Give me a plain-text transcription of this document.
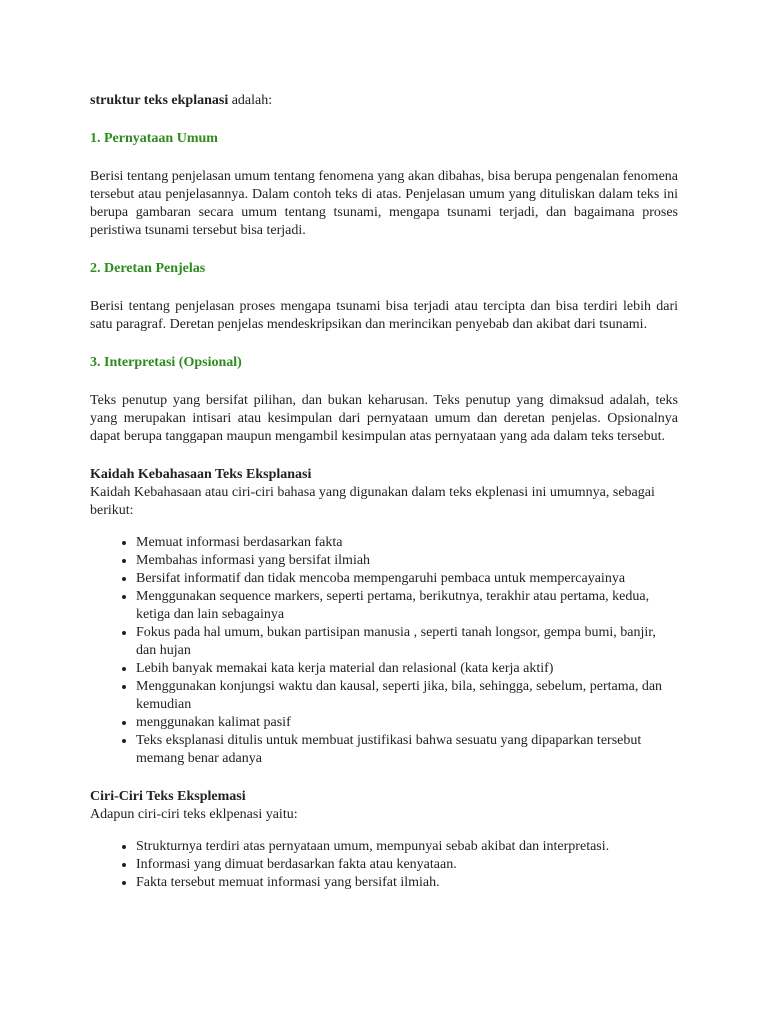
struktur teks ekplanasi adalah:

1. Pernyataan Umum

Berisi tentang penjelasan umum tentang fenomena yang akan dibahas, bisa berupa pengenalan fenomena tersebut atau penjelasannya. Dalam contoh teks di atas. Penjelasan umum yang dituliskan dalam teks ini berupa gambaran secara umum tentang tsunami, mengapa tsunami terjadi, dan bagaimana proses peristiwa tsunami tersebut bisa terjadi.

2. Deretan Penjelas

Berisi tentang penjelasan proses mengapa tsunami bisa terjadi atau tercipta dan bisa terdiri lebih dari satu paragraf. Deretan penjelas mendeskripsikan dan merincikan penyebab dan akibat dari tsunami.

3. Interpretasi (Opsional)

Teks penutup yang bersifat pilihan, dan bukan keharusan. Teks penutup yang dimaksud adalah, teks yang merupakan intisari atau kesimpulan dari pernyataan umum dan deretan penjelas. Opsionalnya dapat berupa tanggapan maupun mengambil kesimpulan atas pernyataan yang ada dalam teks tersebut.

Kaidah Kebahasaan Teks Eksplanasi

Kaidah Kebahasaan atau ciri-ciri bahasa yang digunakan dalam teks ekplenasi ini umumnya, sebagai berikut:

• Memuat informasi berdasarkan fakta
• Membahas informasi yang bersifat ilmiah
• Bersifat informatif dan tidak mencoba mempengaruhi pembaca untuk mempercayainya
• Menggunakan sequence markers, seperti pertama, berikutnya, terakhir atau pertama, kedua, ketiga dan lain sebagainya
• Fokus pada hal umum, bukan partisipan manusia , seperti tanah longsor, gempa bumi, banjir, dan hujan
• Lebih banyak memakai kata kerja material dan relasional (kata kerja aktif)
• Menggunakan konjungsi waktu dan kausal, seperti jika, bila, sehingga, sebelum, pertama, dan kemudian
• menggunakan kalimat pasif
• Teks eksplanasi ditulis untuk membuat justifikasi bahwa sesuatu yang dipaparkan tersebut memang benar adanya

Ciri-Ciri Teks Eksplemasi

Adapun ciri-ciri teks eklpenasi yaitu:

• Strukturnya terdiri atas pernyataan umum, mempunyai sebab akibat dan interpretasi.
• Informasi yang dimuat berdasarkan fakta atau kenyataan.
• Fakta tersebut memuat informasi yang bersifat ilmiah.
